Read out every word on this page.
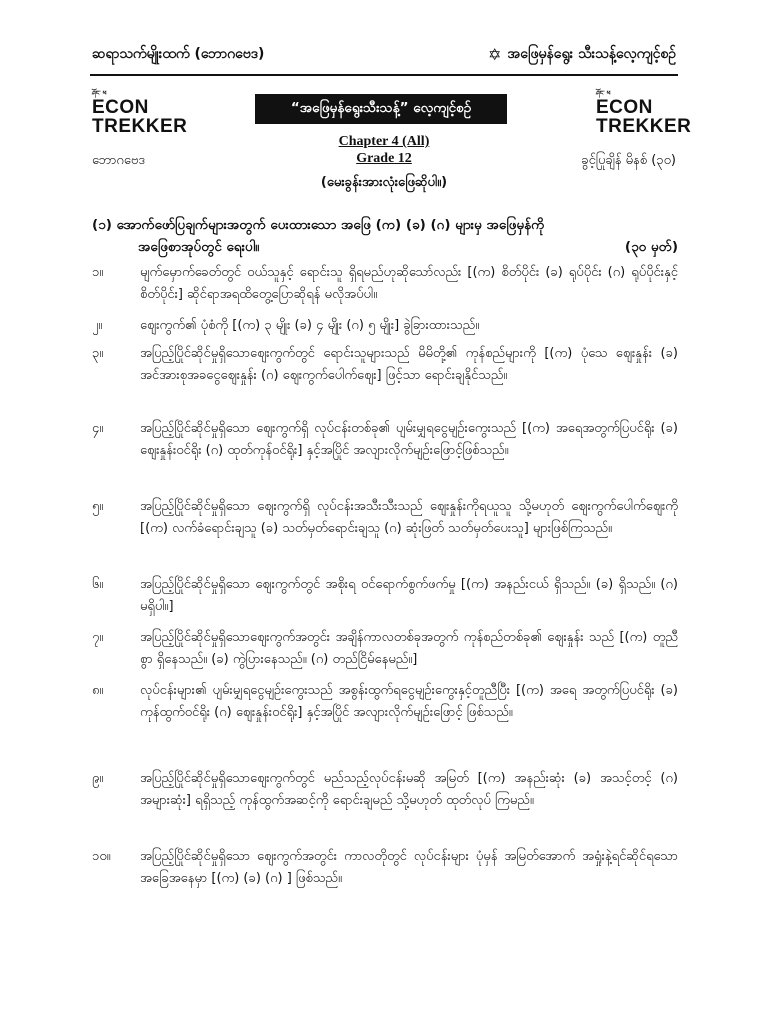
ဆရာသက်မျိုးထက် (ဘောဂဗေဒ)	✡ အဖြေမှန်ရွေး သီးသန့်လေ့ကျင့်စဉ်
ཤོང་ ཕ
ECON
TREKKER
“အဖြေမှန်ရွေးသီးသန့်” လေ့ကျင့်စဉ်
ཤོང་ ཕ
ECON
TREKKER
Chapter 4 (All)
Grade 12
ဘောဂဗေဒ	ခွင့်ပြုချိန် မိနစ် (၃၀)
(မေးခွန်းအားလုံးဖြေဆိုပါ။)
(၁) အောက်ဖော်ပြချက်များအတွက် ပေးထားသော အဖြေ (က) (ခ) (ဂ) များမှ အဖြေမှန်ကို
အဖြေစာအုပ်တွင် ရေးပါ။	(၃၀ မှတ်)
၁။	မျက်မှောက်ခေတ်တွင် ဝယ်သူနှင့် ရောင်းသူ ရှိရမည်ဟုဆိုသော်လည်း [(က) စိတ်ပိုင်း (ခ) ရုပ်ပိုင်း (ဂ) ရုပ်ပိုင်းနှင့် စိတ်ပိုင်း] ဆိုင်ရာအရထိတွေ့ပြောဆိုရန် မလိုအပ်ပါ။
၂။	ဈေးကွက်၏ ပုံစံကို [(က) ၃ မျိုး (ခ) ၄ မျိုး (ဂ) ၅ မျိုး] ခွဲခြားထားသည်။
၃။	အပြည့်ပြိုင်ဆိုင်မှုရှိသောဈေးကွက်တွင် ရောင်းသူများသည် မိမိတို့၏ ကုန်စည်များကို [(က) ပုံသေ ဈေးနှုန်း (ခ) အင်အားစုအခငွေဈေးနှုန်း (ဂ) ဈေးကွက်ပေါက်ဈေး] ဖြင့်သာ ရောင်းချနိုင်သည်။
၄။	အပြည့်ပြိုင်ဆိုင်မှုရှိသော ဈေးကွက်ရှိ လုပ်ငန်းတစ်ခု၏ ပျမ်းမျှရငွေမျဉ်းကွေးသည် [(က) အရေအတွက်ပြပင်ရိုး (ခ) ဈေးနှုန်းဝင်ရိုး (ဂ) ထုတ်ကုန်ဝင်ရိုး] နှင့်အပြိုင် အလျားလိုက်မျဉ်းဖြောင့်ဖြစ်သည်။
၅။	အပြည့်ပြိုင်ဆိုင်မှုရှိသော ဈေးကွက်ရှိ လုပ်ငန်းအသီးသီးသည် ဈေးနှုန်းကိုရယူသူ သို့မဟုတ် ဈေးကွက်ပေါက်ဈေးကို [(က) လက်ခံရောင်းချသူ (ခ) သတ်မှတ်ရောင်းချသူ (ဂ) ဆုံးဖြတ် သတ်မှတ်ပေးသူ] များဖြစ်ကြသည်။
၆။	အပြည့်ပြိုင်ဆိုင်မှုရှိသော ဈေးကွက်တွင် အစိုးရ ဝင်ရောက်စွက်ဖက်မှု [(က) အနည်းငယ် ရှိသည်။ (ခ) ရှိသည်။ (ဂ) မရှိပါ။]
၇။	အပြည့်ပြိုင်ဆိုင်မှုရှိသောဈေးကွက်အတွင်း အချိန်ကာလတစ်ခုအတွက် ကုန်စည်တစ်ခု၏ ဈေးနှုန်း သည် [(က) တူညီစွာ ရှိနေသည်။ (ခ) ကွဲပြားနေသည်။ (ဂ) တည်ငြိမ်နေမည်။]
၈။	လုပ်ငန်းများ၏ ပျမ်းမျှရငွေမျဉ်းကွေးသည် အစွန်းထွက်ရငွေမျဉ်းကွေးနှင့်တူညီပြီး [(က) အရေ အတွက်ပြပင်ရိုး (ခ) ကုန်ထွက်ဝင်ရိုး (ဂ) ဈေးနှုန်းဝင်ရိုး] နှင့်အပြိုင် အလျားလိုက်မျဉ်းဖြောင့် ဖြစ်သည်။
၉။	အပြည့်ပြိုင်ဆိုင်မှုရှိသောဈေးကွက်တွင် မည်သည့်လုပ်ငန်းမဆို အမြတ် [(က) အနည်းဆုံး (ခ) အသင့်တင့် (ဂ) အများဆုံး] ရရှိသည့် ကုန်ထွက်အဆင့်ကို ရောင်းချမည် သို့မဟုတ် ထုတ်လုပ် ကြမည်။
၁၀။	အပြည့်ပြိုင်ဆိုင်မှုရှိသော ဈေးကွက်အတွင်း ကာလတိုတွင် လုပ်ငန်းများ ပုံမှန် အမြတ်အောက် အရှုံးနဲ့ရင်ဆိုင်ရသော အခြေအနေမှာ [(က) (ခ) (ဂ) ] ဖြစ်သည်။
